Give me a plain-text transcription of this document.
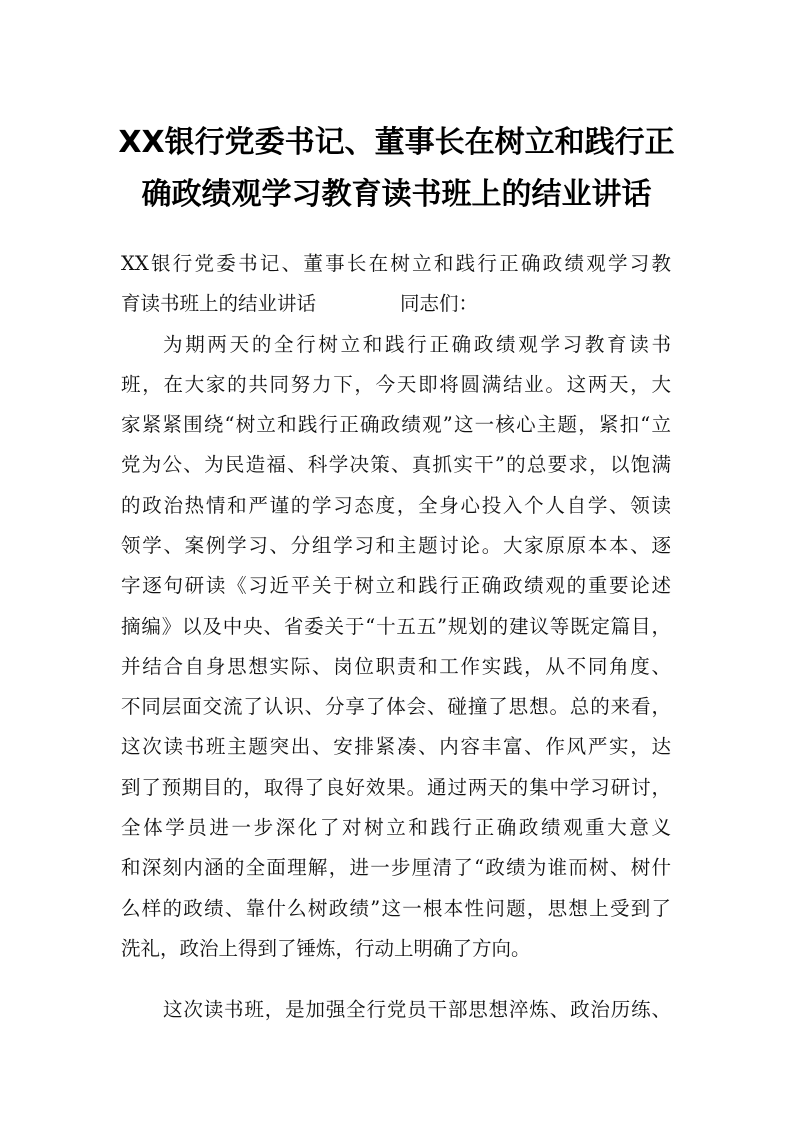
XX银行党委书记、董事长在树立和践行正
确政绩观学习教育读书班上的结业讲话
XX银行党委书记、董事长在树立和践行正确政绩观学习教
育读书班上的结业讲话	同志们：
为期两天的全行树立和践行正确政绩观学习教育读书
班，在大家的共同努力下，今天即将圆满结业。这两天，大
家紧紧围绕“树立和践行正确政绩观”这一核心主题，紧扣“立
党为公、为民造福、科学决策、真抓实干”的总要求，以饱满
的政治热情和严谨的学习态度，全身心投入个人自学、领读
领学、案例学习、分组学习和主题讨论。大家原原本本、逐
字逐句研读《习近平关于树立和践行正确政绩观的重要论述
摘编》以及中央、省委关于“十五五”规划的建议等既定篇目，
并结合自身思想实际、岗位职责和工作实践，从不同角度、
不同层面交流了认识、分享了体会、碰撞了思想。总的来看，
这次读书班主题突出、安排紧凑、内容丰富、作风严实，达
到了预期目的，取得了良好效果。通过两天的集中学习研讨，
全体学员进一步深化了对树立和践行正确政绩观重大意义
和深刻内涵的全面理解，进一步厘清了“政绩为谁而树、树什
么样的政绩、靠什么树政绩”这一根本性问题，思想上受到了
洗礼，政治上得到了锤炼，行动上明确了方向。
这次读书班，是加强全行党员干部思想淬炼、政治历练、
